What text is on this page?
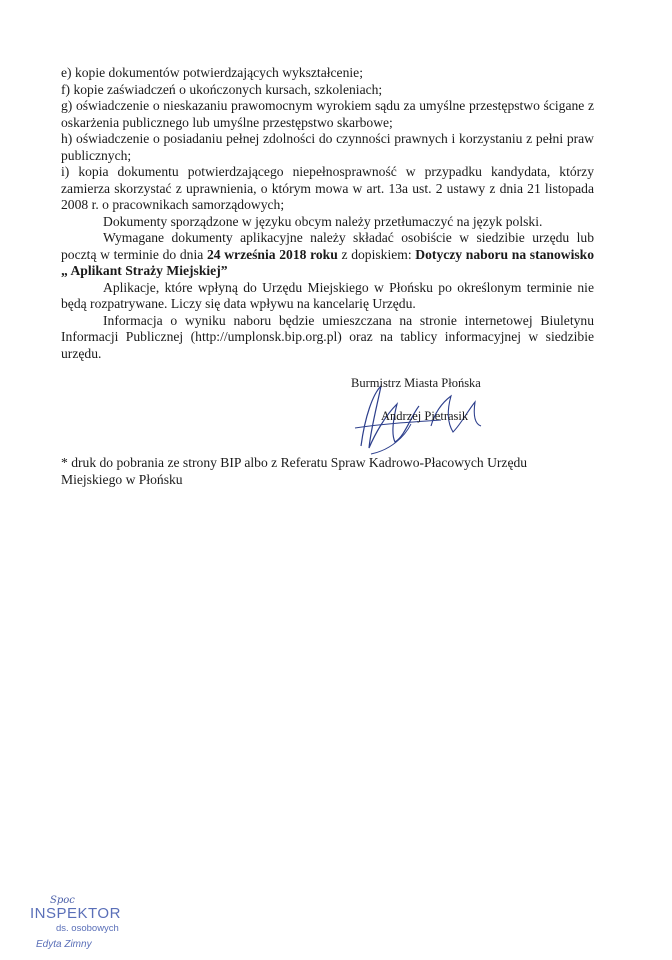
e) kopie dokumentów potwierdzających wykształcenie;

f) kopie zaświadczeń o ukończonych kursach, szkoleniach;

g) oświadczenie o nieskazaniu prawomocnym wyrokiem sądu za umyślne przestępstwo ścigane z oskarżenia publicznego lub umyślne przestępstwo skarbowe;

h) oświadczenie o posiadaniu pełnej zdolności do czynności prawnych i korzystaniu z pełni praw publicznych;

i) kopia dokumentu potwierdzającego niepełnosprawność w przypadku kandydata, którzy zamierza skorzystać z uprawnienia, o którym mowa w art. 13a ust. 2 ustawy z dnia 21 listopada 2008 r. o pracownikach samorządowych;

Dokumenty sporządzone w języku obcym należy przetłumaczyć na język polski.

Wymagane dokumenty aplikacyjne należy składać osobiście w siedzibie urzędu lub pocztą w terminie do dnia 24 września 2018 roku z dopiskiem: Dotyczy naboru na stanowisko „ Aplikant Straży Miejskiej”

Aplikacje, które wpłyną do Urzędu Miejskiego w Płońsku po określonym terminie nie będą rozpatrywane. Liczy się data wpływu na kancelarię Urzędu.

Informacja o wyniku naboru będzie umieszczana na stronie internetowej Biuletynu Informacji Publicznej (http://umplonsk.bip.org.pl) oraz na tablicy informacyjnej w siedzibie urzędu.

Burmistrz Miasta Płońska
Andrzej Pietrasik
* druk do pobrania ze strony BIP albo z Referatu Spraw Kadrowo-Płacowych Urzędu Miejskiego w Płońsku
Spoc
INSPEKTOR
ds. osobowych
Edyta Zimny
